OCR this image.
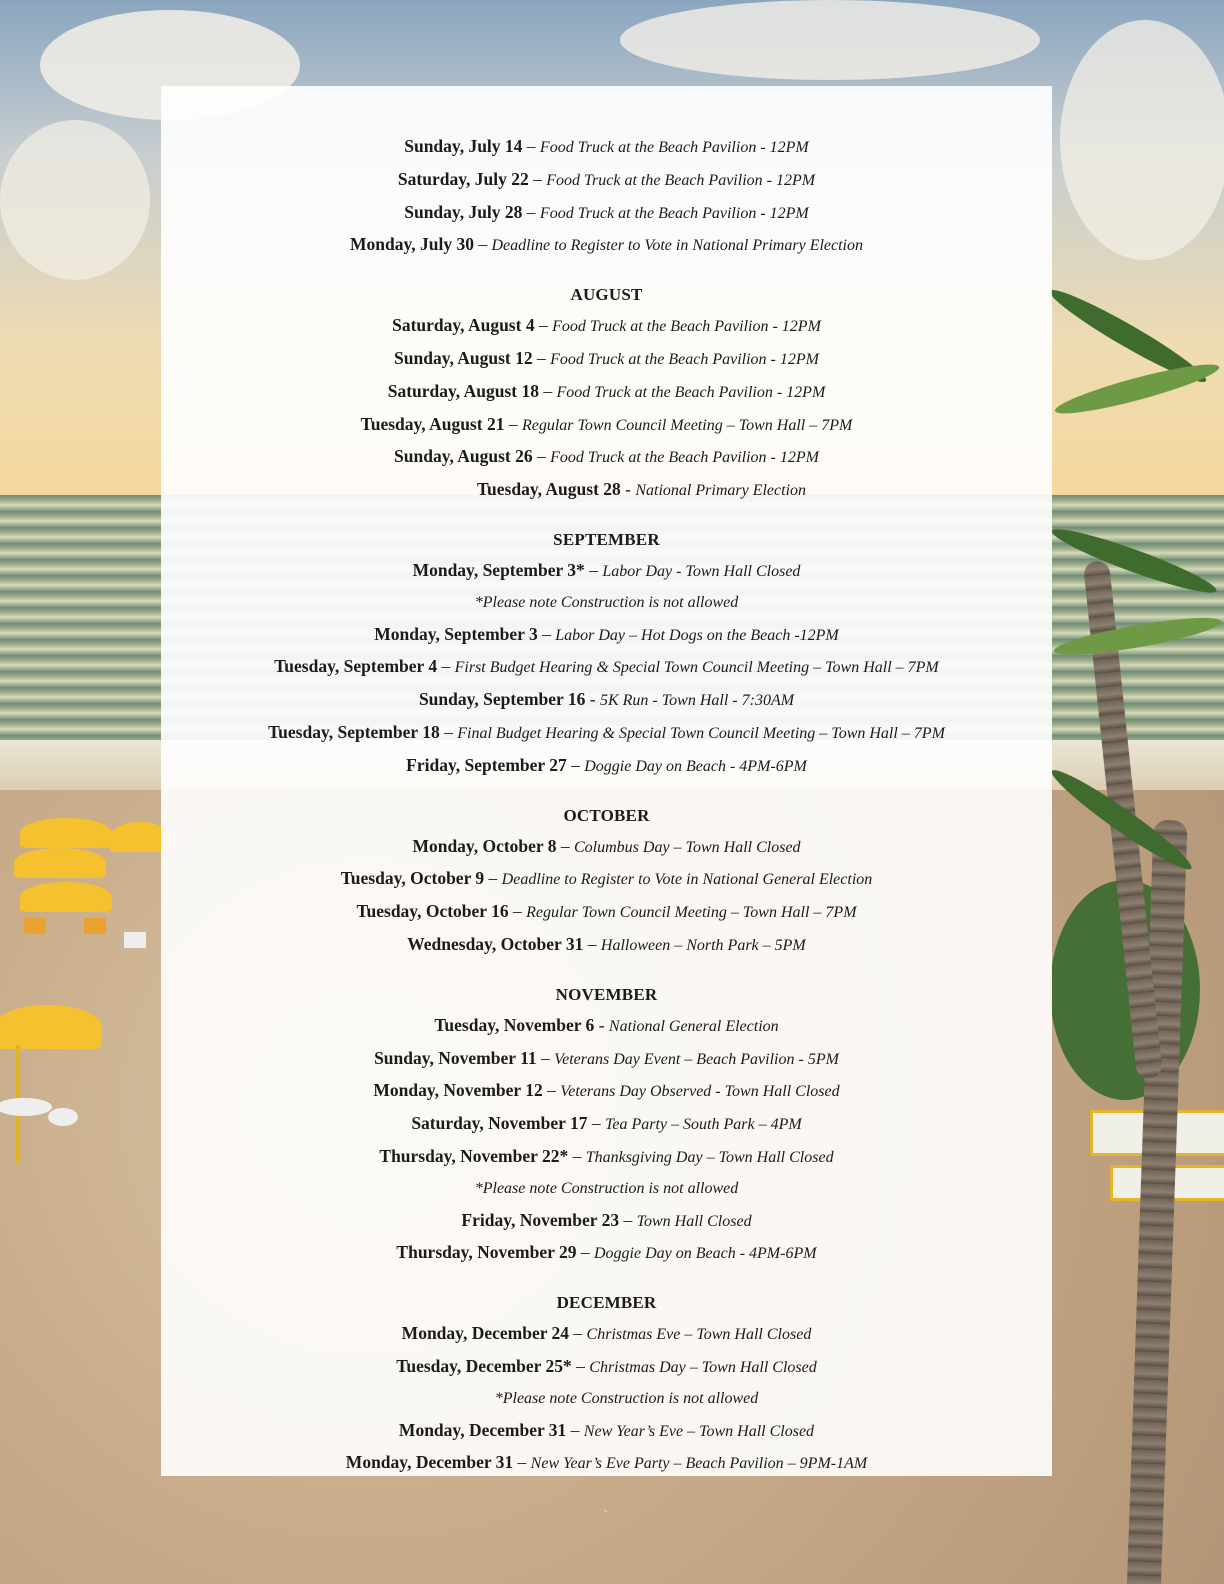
Sunday, July 14 – Food Truck at the Beach Pavilion - 12PM
Saturday, July 22 – Food Truck at the Beach Pavilion - 12PM
Sunday, July 28 – Food Truck at the Beach Pavilion - 12PM
Monday, July 30 – Deadline to Register to Vote in National Primary Election
AUGUST
Saturday, August 4 – Food Truck at the Beach Pavilion - 12PM
Sunday, August 12 – Food Truck at the Beach Pavilion - 12PM
Saturday, August 18 – Food Truck at the Beach Pavilion - 12PM
Tuesday, August 21 – Regular Town Council Meeting – Town Hall – 7PM
Sunday, August 26 – Food Truck at the Beach Pavilion - 12PM
Tuesday, August 28 - National Primary Election
SEPTEMBER
Monday, September 3* – Labor Day - Town Hall Closed
*Please note Construction is not allowed
Monday, September 3 – Labor Day – Hot Dogs on the Beach -12PM
Tuesday, September 4 – First Budget Hearing & Special Town Council Meeting – Town Hall – 7PM
Sunday, September 16 - 5K Run - Town Hall - 7:30AM
Tuesday, September 18 – Final Budget Hearing & Special Town Council Meeting – Town Hall – 7PM
Friday, September 27 – Doggie Day on Beach - 4PM-6PM
OCTOBER
Monday, October 8 – Columbus Day – Town Hall Closed
Tuesday, October 9 – Deadline to Register to Vote in National General Election
Tuesday, October 16 – Regular Town Council Meeting – Town Hall – 7PM
Wednesday, October 31 – Halloween – North Park – 5PM
NOVEMBER
Tuesday, November 6 - National General Election
Sunday, November 11 – Veterans Day Event – Beach Pavilion - 5PM
Monday, November 12 – Veterans Day Observed - Town Hall Closed
Saturday, November 17 – Tea Party – South Park – 4PM
Thursday, November 22* – Thanksgiving Day – Town Hall Closed
*Please note Construction is not allowed
Friday, November 23 – Town Hall Closed
Thursday, November 29 – Doggie Day on Beach - 4PM-6PM
DECEMBER
Monday, December 24 – Christmas Eve – Town Hall Closed
Tuesday, December 25* – Christmas Day – Town Hall Closed
*Please note Construction is not allowed
Monday, December 31 – New Year’s Eve – Town Hall Closed
Monday, December 31 – New Year’s Eve Party – Beach Pavilion – 9PM-1AM
⌞
